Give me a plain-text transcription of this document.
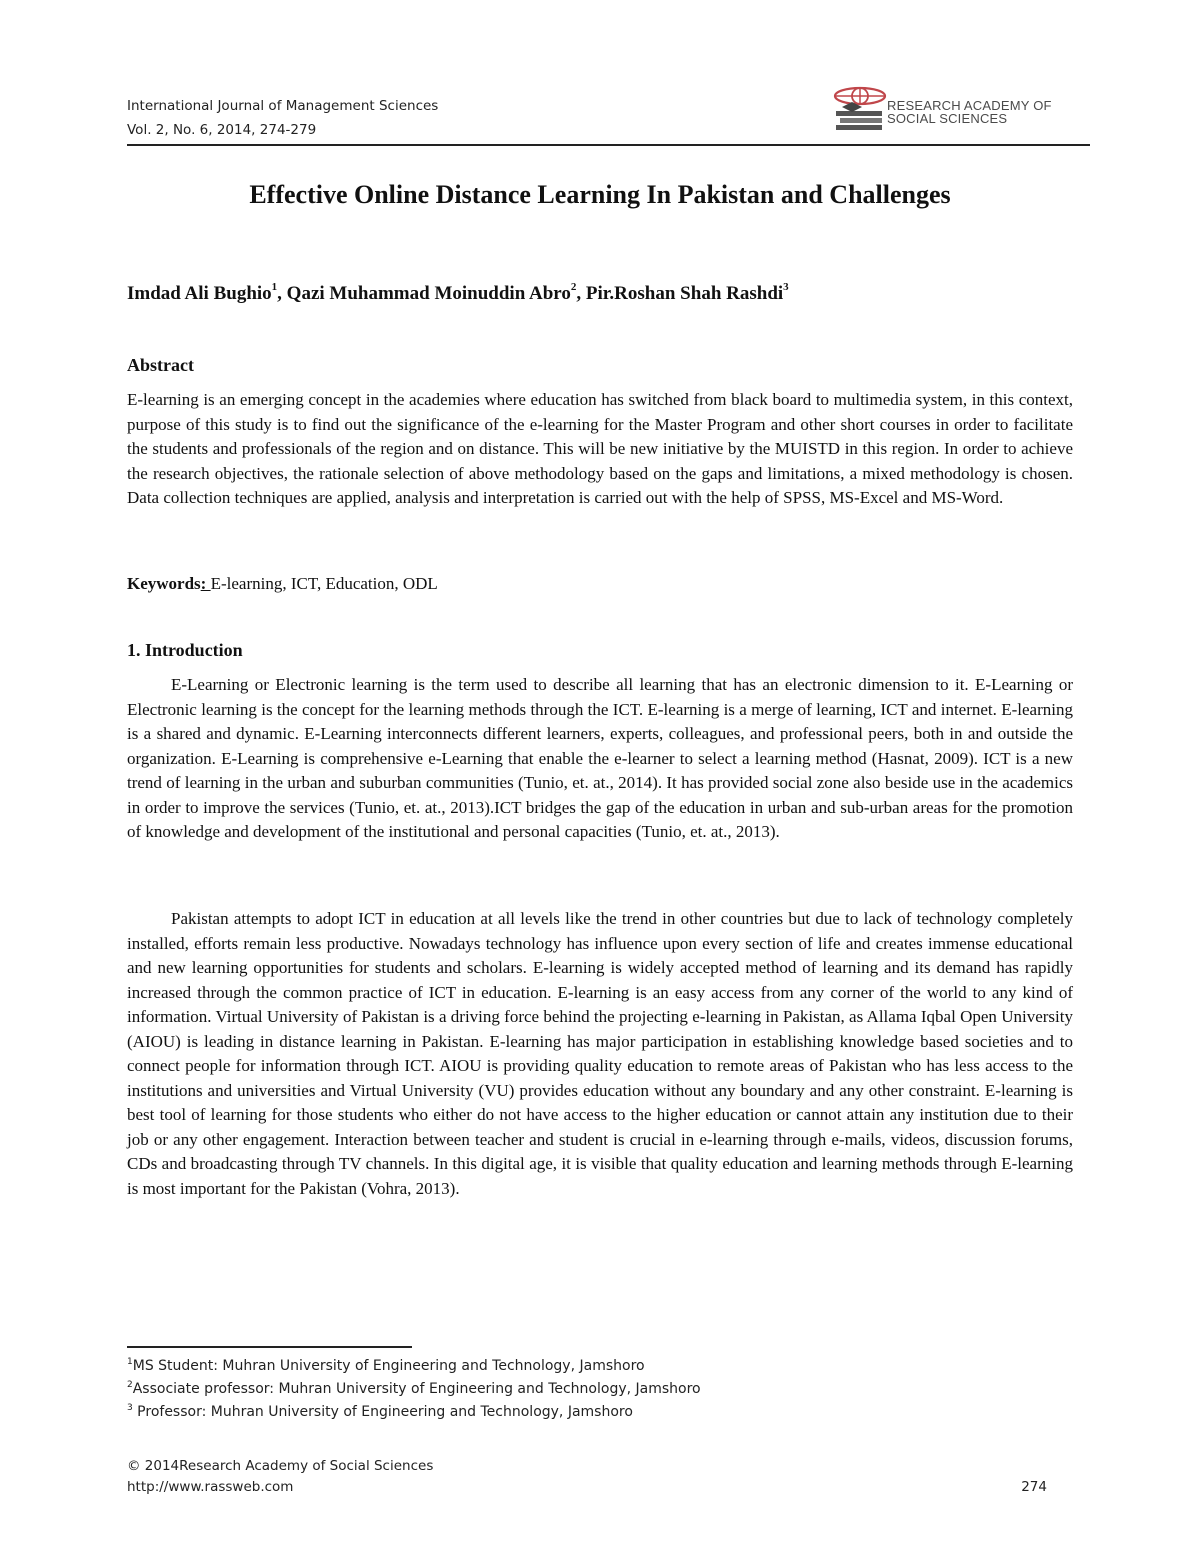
International Journal of Management Sciences
Vol. 2, No. 6, 2014, 274-279
RESEARCH ACADEMY OF
SOCIAL SCIENCES
Effective Online Distance Learning In Pakistan and Challenges

Imdad Ali Bughio$^1$, Qazi Muhammad Moinuddin Abro$^2$, Pir.Roshan Shah Rashdi$^3$

Abstract

E-learning is an emerging concept in the academies where education has switched from black board to multimedia system, in this context, purpose of this study is to find out the significance of the e-learning for the Master Program and other short courses in order to facilitate the students and professionals of the region and on distance. This will be new initiative by the MUISTD in this region. In order to achieve the research objectives, the rationale selection of above methodology based on the gaps and limitations, a mixed methodology is chosen. Data collection techniques are applied, analysis and interpretation is carried out with the help of SPSS, MS-Excel and MS-Word.

Keywords: E-learning, ICT, Education, ODL

1. Introduction

E-Learning or Electronic learning is the term used to describe all learning that has an electronic dimension to it. E-Learning or Electronic learning is the concept for the learning methods through the ICT. E-learning is a merge of learning, ICT and internet. E-learning is a shared and dynamic. E-Learning interconnects different learners, experts, colleagues, and professional peers, both in and outside the organization. E-Learning is comprehensive e-Learning that enable the e-learner to select a learning method (Hasnat, 2009). ICT is a new trend of learning in the urban and suburban communities (Tunio, et. at., 2014). It has provided social zone also beside use in the academics in order to improve the services (Tunio, et. at., 2013).ICT bridges the gap of the education in urban and sub-urban areas for the promotion of knowledge and development of the institutional and personal capacities (Tunio, et. at., 2013).

Pakistan attempts to adopt ICT in education at all levels like the trend in other countries but due to lack of technology completely installed, efforts remain less productive. Nowadays technology has influence upon every section of life and creates immense educational and new learning opportunities for students and scholars. E-learning is widely accepted method of learning and its demand has rapidly increased through the common practice of ICT in education. E-learning is an easy access from any corner of the world to any kind of information. Virtual University of Pakistan is a driving force behind the projecting e-learning in Pakistan, as Allama Iqbal Open University (AIOU) is leading in distance learning in Pakistan. E-learning has major participation in establishing knowledge based societies and to connect people for information through ICT. AIOU is providing quality education to remote areas of Pakistan who has less access to the institutions and universities and Virtual University (VU) provides education without any boundary and any other constraint. E-learning is best tool of learning for those students who either do not have access to the higher education or cannot attain any institution due to their job or any other engagement. Interaction between teacher and student is crucial in e-learning through e-mails, videos, discussion forums, CDs and broadcasting through TV channels. In this digital age, it is visible that quality education and learning methods through E-learning is most important for the Pakistan (Vohra, 2013).

$^1$MS Student: Muhran University of Engineering and Technology, Jamshoro
$^2$Associate professor: Muhran University of Engineering and Technology, Jamshoro
$^3$ Professor: Muhran University of Engineering and Technology, Jamshoro
© 2014Research Academy of Social Sciences
http://www.rassweb.com	274
